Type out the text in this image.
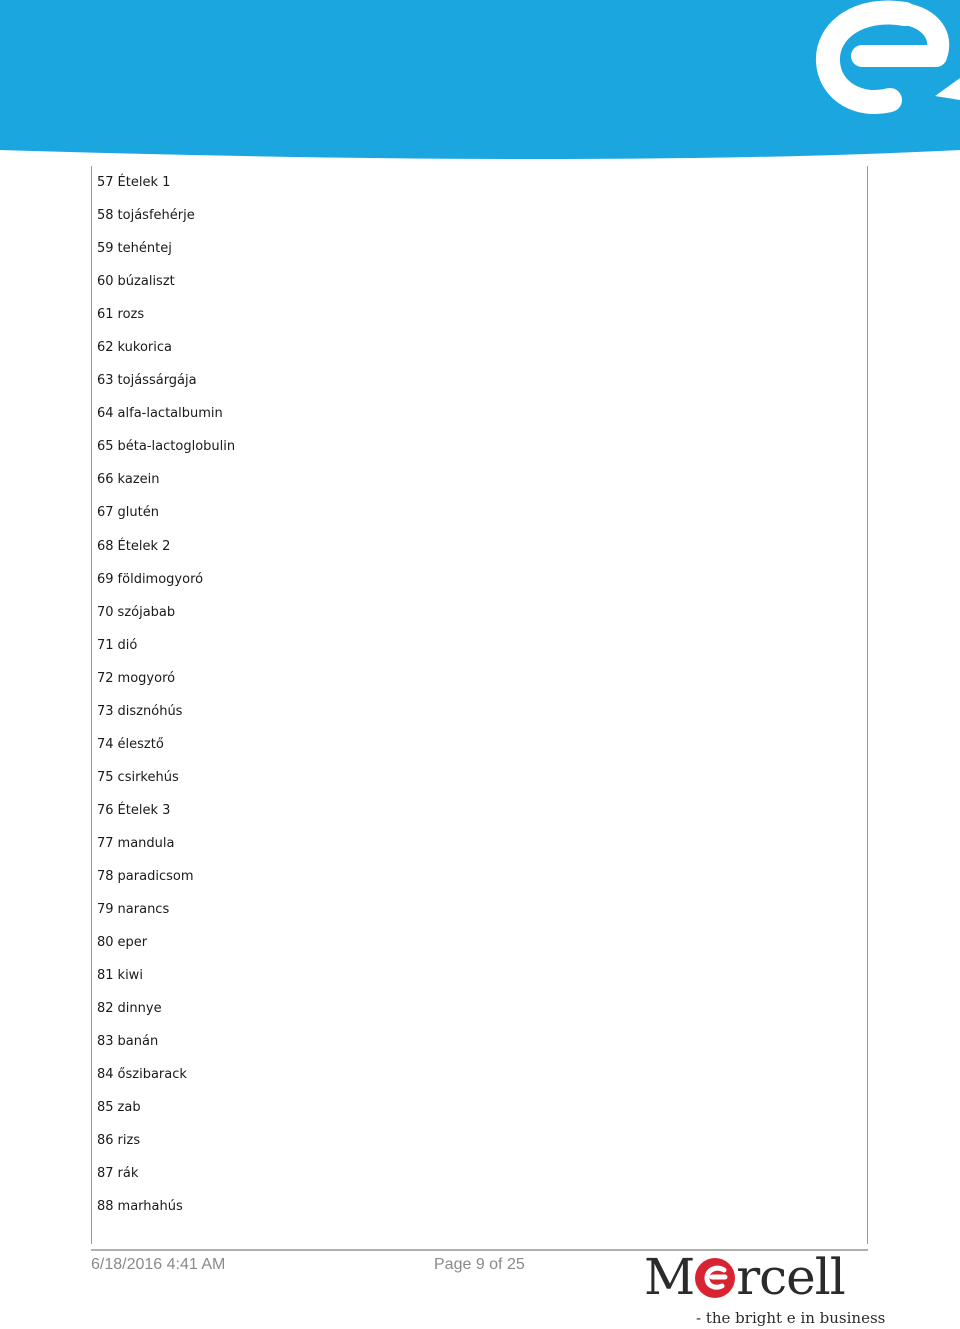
57 Ételek 1
58 tojásfehérje
59 tehéntej
60 búzaliszt
61 rozs
62 kukorica
63 tojássárgája
64 alfa-lactalbumin
65 béta-lactoglobulin
66 kazein
67 glutén
68 Ételek 2
69 földimogyoró
70 szójabab
71 dió
72 mogyoró
73 disznóhús
74 élesztő
75 csirkehús
76 Ételek 3
77 mandula
78 paradicsom
79 narancs
80 eper
81 kiwi
82 dinnye
83 banán
84 őszibarack
85 zab
86 rizs
87 rák
88 marhahús
6/18/2016 4:41 AM	Page 9 of 25 M rcell
- the bright e in business
